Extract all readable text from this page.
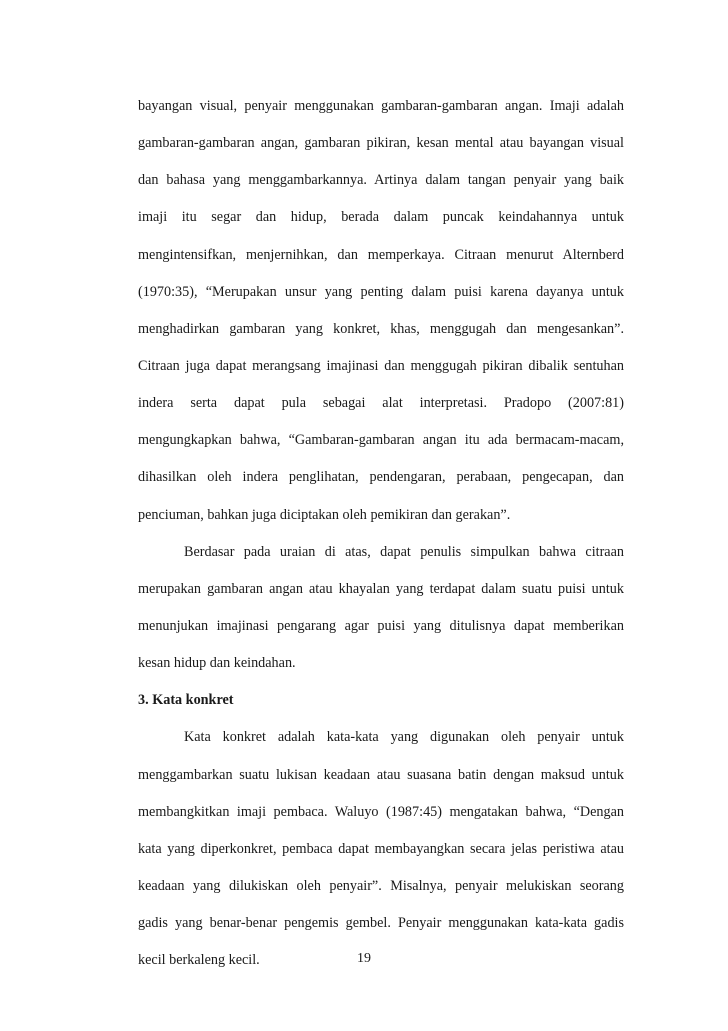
bayangan visual, penyair menggunakan gambaran-gambaran angan. Imaji adalah
gambaran-gambaran angan, gambaran pikiran, kesan mental atau bayangan visual
dan bahasa yang menggambarkannya. Artinya dalam tangan penyair yang baik
imaji itu segar dan hidup, berada dalam puncak keindahannya untuk
mengintensifkan, menjernihkan, dan memperkaya. Citraan menurut Alternberd
(1970:35), “Merupakan unsur yang penting dalam puisi karena dayanya untuk
menghadirkan gambaran yang konkret, khas, menggugah dan mengesankan”.
Citraan juga dapat merangsang imajinasi dan menggugah pikiran dibalik sentuhan
indera serta dapat pula sebagai alat interpretasi. Pradopo (2007:81)
mengungkapkan bahwa, “Gambaran-gambaran angan itu ada bermacam-macam,
dihasilkan oleh indera penglihatan, pendengaran, perabaan, pengecapan, dan
penciuman, bahkan juga diciptakan oleh pemikiran dan gerakan”.
Berdasar pada uraian di atas, dapat penulis simpulkan bahwa citraan
merupakan gambaran angan atau khayalan yang terdapat dalam suatu puisi untuk
menunjukan imajinasi pengarang agar puisi yang ditulisnya dapat memberikan
kesan hidup dan keindahan.
3. Kata konkret
Kata konkret adalah kata-kata yang digunakan oleh penyair untuk
menggambarkan suatu lukisan keadaan atau suasana batin dengan maksud untuk
membangkitkan imaji pembaca. Waluyo (1987:45) mengatakan bahwa, “Dengan
kata yang diperkonkret, pembaca dapat membayangkan secara jelas peristiwa atau
keadaan yang dilukiskan oleh penyair”. Misalnya, penyair melukiskan seorang
gadis yang benar-benar pengemis gembel. Penyair menggunakan kata-kata gadis
kecil berkaleng kecil.	19
